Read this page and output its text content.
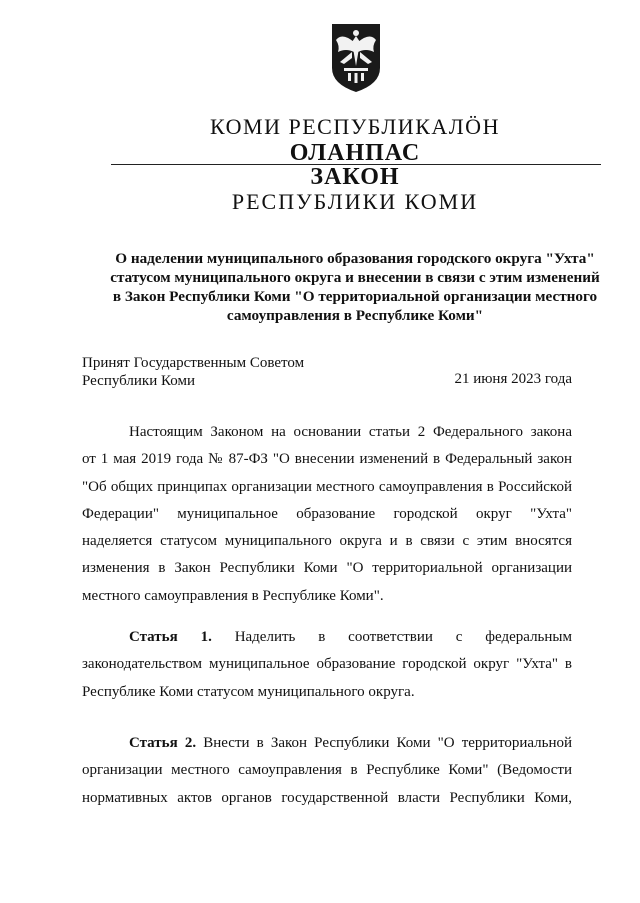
КОМИ РЕСПУБЛИКАЛÖН
ОЛАНПАС
ЗАКОН
РЕСПУБЛИКИ КОМИ
О наделении муниципального образования городского округа "Ухта"
статусом муниципального округа и внесении в связи с этим изменений
в Закон Республики Коми "О территориальной организации местного
самоуправления в Республике Коми"
Принят Государственным Советом
Республики Коми	21 июня 2023 года
Настоящим Законом на основании статьи 2 Федерального закона
от 1 мая 2019 года № 87-ФЗ "О внесении изменений в Федеральный закон
"Об общих принципах организации местного самоуправления в Российской
Федерации" муниципальное образование городской округ "Ухта"
наделяется статусом муниципального округа и в связи с этим вносятся
изменения в Закон Республики Коми "О территориальной организации
местного самоуправления в Республике Коми".
Статья 1. Наделить в соответствии с федеральным
законодательством муниципальное образование городской округ "Ухта" в
Республике Коми статусом муниципального округа.
Статья 2. Внести в Закон Республики Коми "О территориальной
организации местного самоуправления в Республике Коми" (Ведомости
нормативных актов органов государственной власти Республики Коми,
